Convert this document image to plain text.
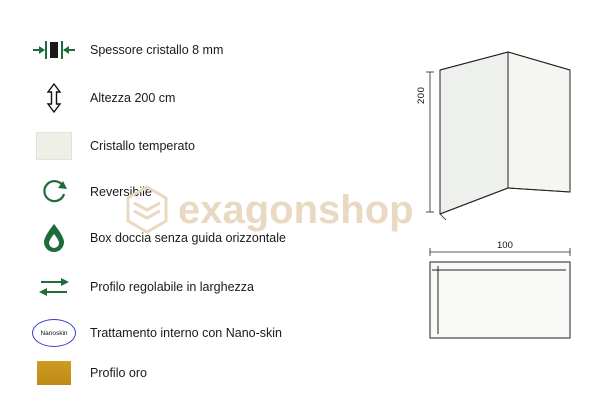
exagonshop
Spessore cristallo 8 mm
Altezza 200 cm
Cristallo temperato
Reversibile
Box doccia senza guida orizzontale
Profilo regolabile in larghezza
Nanoskin	Trattamento interno con Nano-skin
Profilo oro
200
100
